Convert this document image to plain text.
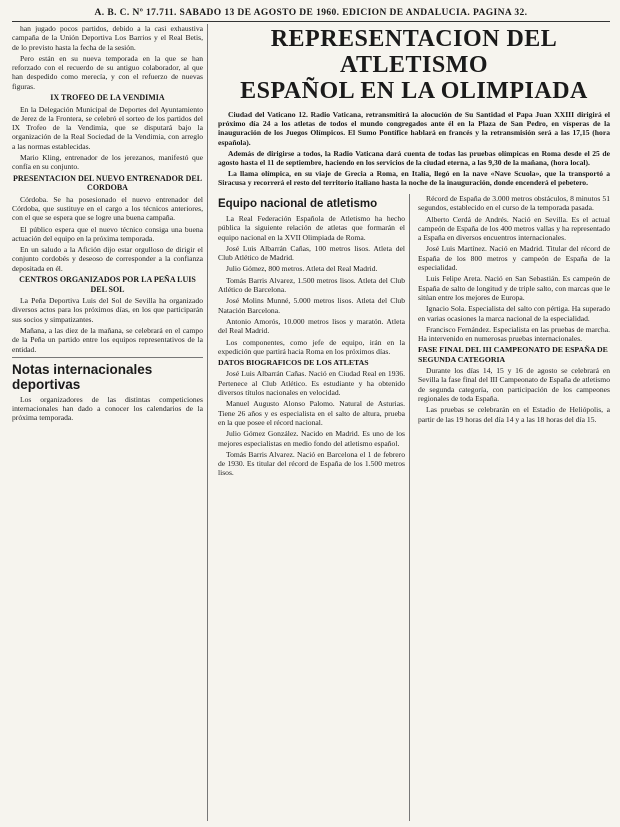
A. B. C. Nº 17.711. SABADO 13 DE AGOSTO DE 1960. EDICION DE ANDALUCIA. PAGINA 32.

han jugado pocos partidos, debido a la casi exhaustiva campaña de la Unión Deportiva Los Barrios y el Real Betis, de lo previsto hasta la fecha de la sesión.

Pero están en su nueva temporada en la que se han reforzado con el recuerdo de su antiguo colaborador, al que han despedido como merecía, y con el refuerzo de nuevas figuras.

IX TROFEO DE LA VENDIMIA

En la Delegación Municipal de Deportes del Ayuntamiento de Jerez de la Frontera, se celebró el sorteo de los partidos del IX Trofeo de la Vendimia, que se disputará bajo la organización de la Real Sociedad de la Vendimia, con arreglo a las normas establecidas.

Mario Kling, entrenador de los jerezanos, manifestó que confía en su conjunto.

PRESENTACION DEL NUEVO ENTRENADOR DEL CORDOBA

Córdoba. Se ha posesionado el nuevo entrenador del Córdoba, que sustituye en el cargo a los técnicos anteriores, con el que se espera que se logre una buena campaña.

El público espera que el nuevo técnico consiga una buena actuación del equipo en la próxima temporada.

En un saludo a la Afición dijo estar orgulloso de dirigir el conjunto cordobés y deseoso de corresponder a la confianza depositada en él.

CENTROS ORGANIZADOS POR LA PEÑA LUIS DEL SOL

La Peña Deportiva Luis del Sol de Sevilla ha organizado diversos actos para los próximos días, en los que participarán sus socios y simpatizantes.

Mañana, a las diez de la mañana, se celebrará en el campo de la Peña un partido entre los equipos representativos de la entidad.

Notas internacionales deportivas

Los organizadores de las distintas competiciones internacionales han dado a conocer los calendarios de la próxima temporada.

REPRESENTACION DEL ATLETISMO
ESPAÑOL EN LA OLIMPIADA

Ciudad del Vaticano 12. Radio Vaticana, retransmitirá la alocución de Su Santidad el Papa Juan XXIII dirigirá el próximo día 24 a los atletas de todos el mundo congregados ante él en la Plaza de San Pedro, en vísperas de la inauguración de los Juegos Olímpicos. El Sumo Pontífice hablará en francés y la retransmisión será a las 17,15 (hora española).

Además de dirigirse a todos, la Radio Vaticana dará cuenta de todas las pruebas olímpicas en Roma desde el 25 de agosto hasta el 11 de septiembre, haciendo en los servicios de la ciudad eterna, a las 9,30 de la mañana, (hora local).

La llama olímpica, en su viaje de Grecia a Roma, en Italia, llegó en la nave «Nave Scuola», que la transportó a Siracusa y recorrerá el resto del territorio italiano hasta la noche de la inauguración, donde encenderá el pebetero.

Equipo nacional de atletismo

La Real Federación Española de Atletismo ha hecho pública la siguiente relación de atletas que formarán el equipo nacional en la XVII Olimpiada de Roma.

José Luis Albarrán Cañas, 100 metros lisos. Atleta del Club Atlético de Madrid.

Julio Gómez, 800 metros. Atleta del Real Madrid.

Tomás Barris Alvarez, 1.500 metros lisos. Atleta del Club Atlético de Barcelona.

José Molins Munné, 5.000 metros lisos. Atleta del Club Natación Barcelona.

Antonio Amorós, 10.000 metros lisos y maratón. Atleta del Real Madrid.

Los componentes, como jefe de equipo, irán en la expedición que partirá hacia Roma en los próximos días.

DATOS BIOGRAFICOS DE LOS ATLETAS

José Luis Albarrán Cañas. Nació en Ciudad Real en 1936. Pertenece al Club Atlético. Es estudiante y ha obtenido diversos títulos nacionales en velocidad.

Manuel Augusto Alonso Palomo. Natural de Asturias. Tiene 26 años y es especialista en el salto de altura, prueba en la que posee el récord nacional.

Julio Gómez González. Nacido en Madrid. Es uno de los mejores especialistas en medio fondo del atletismo español.

Tomás Barris Alvarez. Nació en Barcelona el 1 de febrero de 1930. Es titular del récord de España de los 1.500 metros lisos.

Récord de España de 3.000 metros obstáculos, 8 minutos 51 segundos, establecido en el curso de la temporada pasada.

Alberto Cerdá de Andrés. Nació en Sevilla. Es el actual campeón de España de los 400 metros vallas y ha representado a España en diversos encuentros internacionales.

José Luis Martínez. Nació en Madrid. Titular del récord de España de los 800 metros y campeón de España de la especialidad.

Luis Felipe Areta. Nació en San Sebastián. Es campeón de España de salto de longitud y de triple salto, con marcas que le sitúan entre los mejores de Europa.

Ignacio Sola. Especialista del salto con pértiga. Ha superado en varias ocasiones la marca nacional de la especialidad.

Francisco Fernández. Especialista en las pruebas de marcha. Ha intervenido en numerosas pruebas internacionales.

FASE FINAL DEL III CAMPEONATO DE ESPAÑA DE SEGUNDA CATEGORIA

Durante los días 14, 15 y 16 de agosto se celebrará en Sevilla la fase final del III Campeonato de España de atletismo de segunda categoría, con participación de los campeones regionales de toda España.

Las pruebas se celebrarán en el Estadio de Heliópolis, a partir de las 19 horas del día 14 y a las 18 horas del día 15.
